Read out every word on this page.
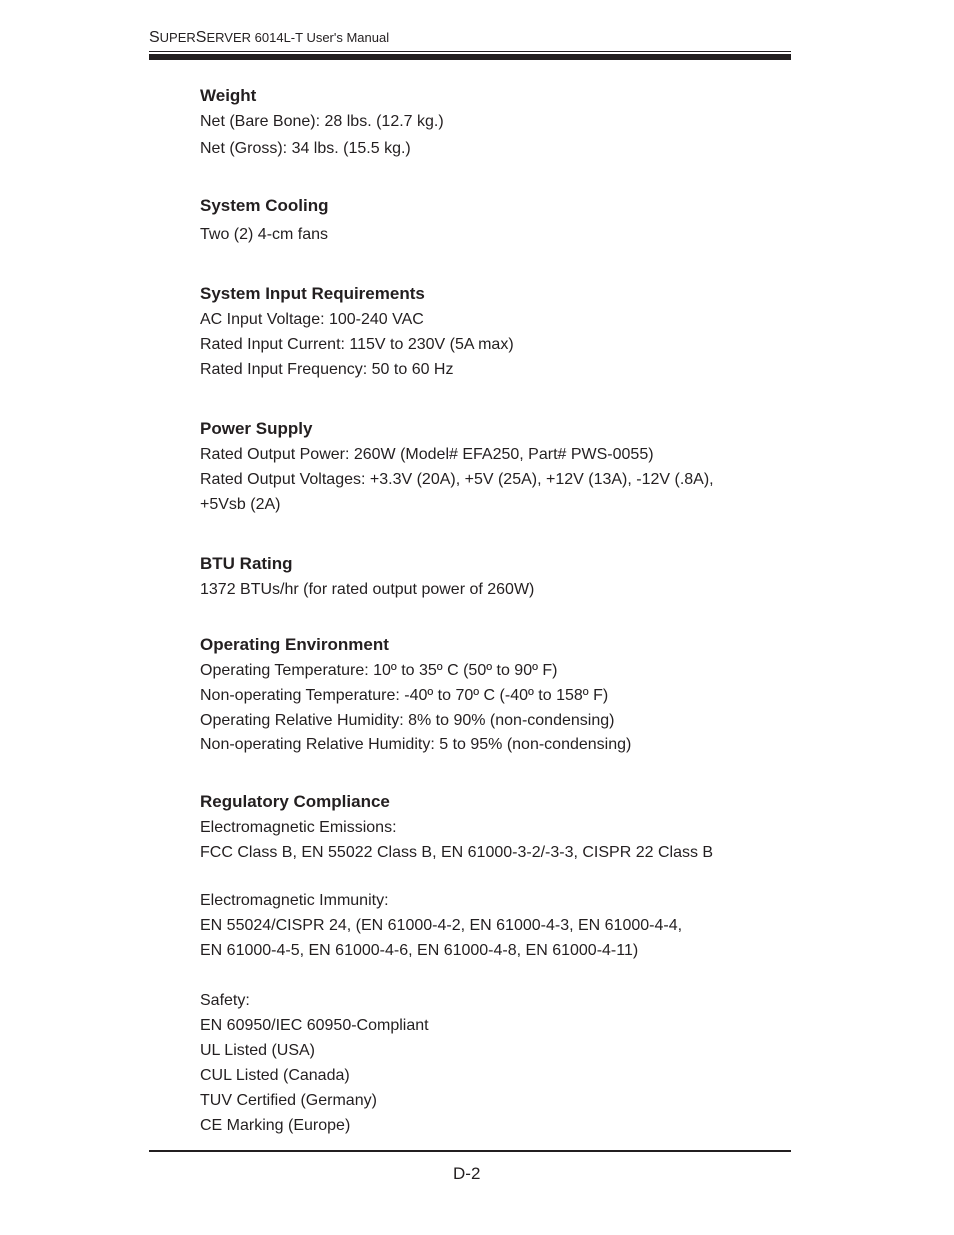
SUPERSERVER 6014L-T User's Manual
Weight
Net (Bare Bone): 28 lbs. (12.7 kg.)
Net (Gross): 34 lbs. (15.5 kg.)
System Cooling
Two (2) 4-cm fans
System Input Requirements
AC Input Voltage: 100-240 VAC
Rated Input Current: 115V to 230V (5A max)
Rated Input Frequency: 50 to 60 Hz
Power Supply
Rated Output Power: 260W (Model# EFA250, Part# PWS-0055)
Rated Output Voltages: +3.3V (20A), +5V (25A), +12V (13A), -12V (.8A),
+5Vsb (2A)
BTU Rating
1372 BTUs/hr (for rated output power of 260W)
Operating Environment
Operating Temperature: 10º to 35º C (50º to 90º F)
Non-operating Temperature: -40º to 70º C (-40º to 158º F)
Operating Relative Humidity: 8% to 90% (non-condensing)
Non-operating Relative Humidity: 5 to 95% (non-condensing)
Regulatory Compliance
Electromagnetic Emissions:
FCC Class B, EN 55022 Class B, EN 61000-3-2/-3-3, CISPR 22 Class B
Electromagnetic Immunity:
EN 55024/CISPR 24, (EN 61000-4-2, EN 61000-4-3, EN 61000-4-4,
EN 61000-4-5, EN 61000-4-6, EN 61000-4-8, EN 61000-4-11)
Safety:
EN 60950/IEC 60950-Compliant
UL Listed (USA)
CUL Listed (Canada)
TUV Certified (Germany)
CE Marking (Europe)
D-2
